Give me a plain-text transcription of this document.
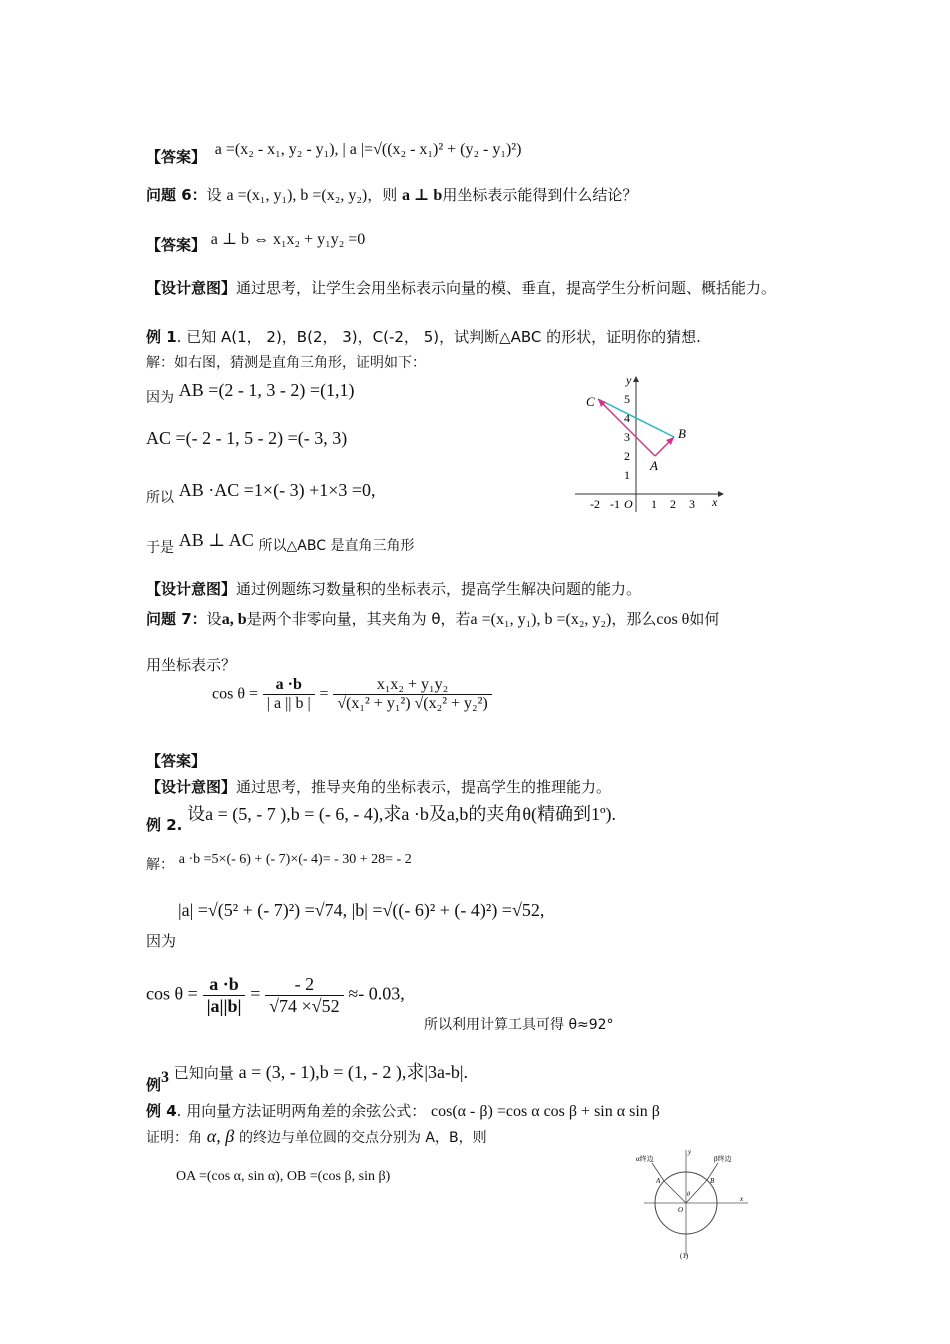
【答案】 a =(x₂ - x₁, y₂ - y₁), | a |=√((x₂ - x₁)² + (y₂ - y₁)²)
问题 6：设 a =(x₁, y₁), b =(x₂, y₂)，则 a ⊥ b用坐标表示能得到什么结论？
【答案】 a ⊥ b ⇔ x₁x₂ + y₁y₂ =0
【设计意图】通过思考，让学生会用坐标表示向量的模、垂直，提高学生分析问题、概括能力。
例 1. 已知 A(1， 2)，B(2， 3)，C(-2， 5)，试判断△ABC 的形状，证明你的猜想.
解：如右图，猜测是直角三角形，证明如下：
因为 AB =(2 - 1, 3 - 2) =(1,1)
AC =(- 2 - 1, 5 - 2) =(- 3, 3)
所以 AB ·AC =1×(- 3) +1×3 =0,
于是 AB ⊥ AC 所以△ABC 是直角三角形
y
x
O
1
2
3
4
5
-2 -1	1 2 3
A
B
C
【设计意图】通过例题练习数量积的坐标表示，提高学生解决问题的能力。
问题 7：设a, b是两个非零向量，其夹角为 θ，若a =(x₁, y₁), b =(x₂, y₂)，那么cos θ如何
用坐标表示？
$\cos \theta = \frac{a \cdot b}{| a || b |} = \frac{\text{x₁x₂ + y₁y₂}}{\text{√(x₁² + y₁²) √(x₂² + y₂²)}}$
【答案】
【设计意图】通过思考，推导夹角的坐标表示，提高学生的推理能力。
例 2. 设a = (5, - 7 ),b = (- 6, - 4),求a ·b及a,b的夹角θ(精确到1º).
解： a ·b =5×(- 6) + (- 7)×(- 4)= - 30 + 28= - 2
|a| =√(5² + (- 7)²) =√74, |b| =√((- 6)² + (- 4)²) =√52,
因为
$\cos \theta = \frac{a \cdot b}{|a||b|} = \frac{- 2}{√74 \times√52} \approx- 0.03$,
所以利用计算工具可得 θ≈92°
例3 已知向量 a = (3, - 1),b = (1, - 2 ),求|3a-b|.
例 4. 用向量方法证明两角差的余弦公式： cos(α - β) =cos α cos β + sin α sin β
证明：角 α, β 的终边与单位圆的交点分别为 A，B，则
OA =(cos α, sin α), OB =(cos β, sin β)
α终边	β终边
A	B
θ
O
x
y
(1)
